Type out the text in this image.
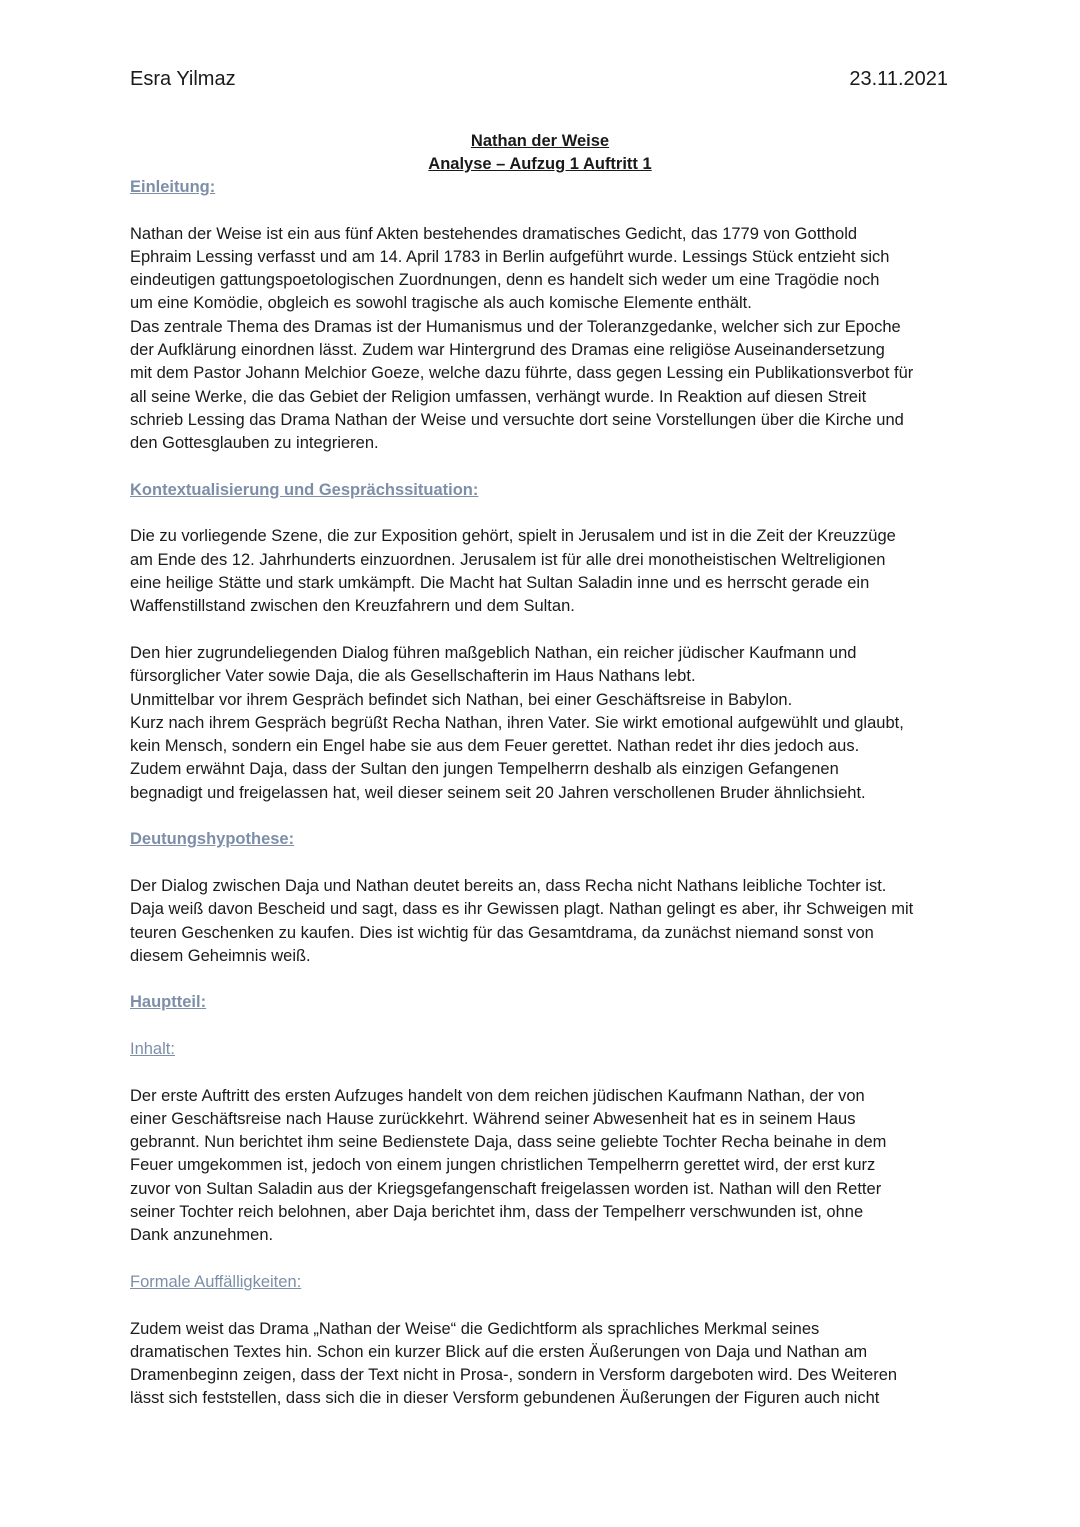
Esra Yilmaz	23.11.2021
Nathan der Weise
Analyse – Aufzug 1 Auftritt 1
Einleitung:
Nathan der Weise ist ein aus fünf Akten bestehendes dramatisches Gedicht, das 1779 von Gotthold
Ephraim Lessing verfasst und am 14. April 1783 in Berlin aufgeführt wurde. Lessings Stück entzieht sich
eindeutigen gattungspoetologischen Zuordnungen, denn es handelt sich weder um eine Tragödie noch
um eine Komödie, obgleich es sowohl tragische als auch komische Elemente enthält.
Das zentrale Thema des Dramas ist der Humanismus und der Toleranzgedanke, welcher sich zur Epoche
der Aufklärung einordnen lässt. Zudem war Hintergrund des Dramas eine religiöse Auseinandersetzung
mit dem Pastor Johann Melchior Goeze, welche dazu führte, dass gegen Lessing ein Publikationsverbot für
all seine Werke, die das Gebiet der Religion umfassen, verhängt wurde. In Reaktion auf diesen Streit
schrieb Lessing das Drama Nathan der Weise und versuchte dort seine Vorstellungen über die Kirche und
den Gottesglauben zu integrieren.
Kontextualisierung und Gesprächssituation:
Die zu vorliegende Szene, die zur Exposition gehört, spielt in Jerusalem und ist in die Zeit der Kreuzzüge
am Ende des 12. Jahrhunderts einzuordnen. Jerusalem ist für alle drei monotheistischen Weltreligionen
eine heilige Stätte und stark umkämpft. Die Macht hat Sultan Saladin inne und es herrscht gerade ein
Waffenstillstand zwischen den Kreuzfahrern und dem Sultan.
Den hier zugrundeliegenden Dialog führen maßgeblich Nathan, ein reicher jüdischer Kaufmann und
fürsorglicher Vater sowie Daja, die als Gesellschafterin im Haus Nathans lebt.
Unmittelbar vor ihrem Gespräch befindet sich Nathan, bei einer Geschäftsreise in Babylon.
Kurz nach ihrem Gespräch begrüßt Recha Nathan, ihren Vater. Sie wirkt emotional aufgewühlt und glaubt,
kein Mensch, sondern ein Engel habe sie aus dem Feuer gerettet. Nathan redet ihr dies jedoch aus.
Zudem erwähnt Daja, dass der Sultan den jungen Tempelherrn deshalb als einzigen Gefangenen
begnadigt und freigelassen hat, weil dieser seinem seit 20 Jahren verschollenen Bruder ähnlichsieht.
Deutungshypothese:
Der Dialog zwischen Daja und Nathan deutet bereits an, dass Recha nicht Nathans leibliche Tochter ist.
Daja weiß davon Bescheid und sagt, dass es ihr Gewissen plagt. Nathan gelingt es aber, ihr Schweigen mit
teuren Geschenken zu kaufen. Dies ist wichtig für das Gesamtdrama, da zunächst niemand sonst von
diesem Geheimnis weiß.
Hauptteil:
Inhalt:
Der erste Auftritt des ersten Aufzuges handelt von dem reichen jüdischen Kaufmann Nathan, der von
einer Geschäftsreise nach Hause zurückkehrt. Während seiner Abwesenheit hat es in seinem Haus
gebrannt. Nun berichtet ihm seine Bedienstete Daja, dass seine geliebte Tochter Recha beinahe in dem
Feuer umgekommen ist, jedoch von einem jungen christlichen Tempelherrn gerettet wird, der erst kurz
zuvor von Sultan Saladin aus der Kriegsgefangenschaft freigelassen worden ist. Nathan will den Retter
seiner Tochter reich belohnen, aber Daja berichtet ihm, dass der Tempelherr verschwunden ist, ohne
Dank anzunehmen.
Formale Auffälligkeiten:
Zudem weist das Drama „Nathan der Weise“ die Gedichtform als sprachliches Merkmal seines
dramatischen Textes hin. Schon ein kurzer Blick auf die ersten Äußerungen von Daja und Nathan am
Dramenbeginn zeigen, dass der Text nicht in Prosa-, sondern in Versform dargeboten wird. Des Weiteren
lässt sich feststellen, dass sich die in dieser Versform gebundenen Äußerungen der Figuren auch nicht
